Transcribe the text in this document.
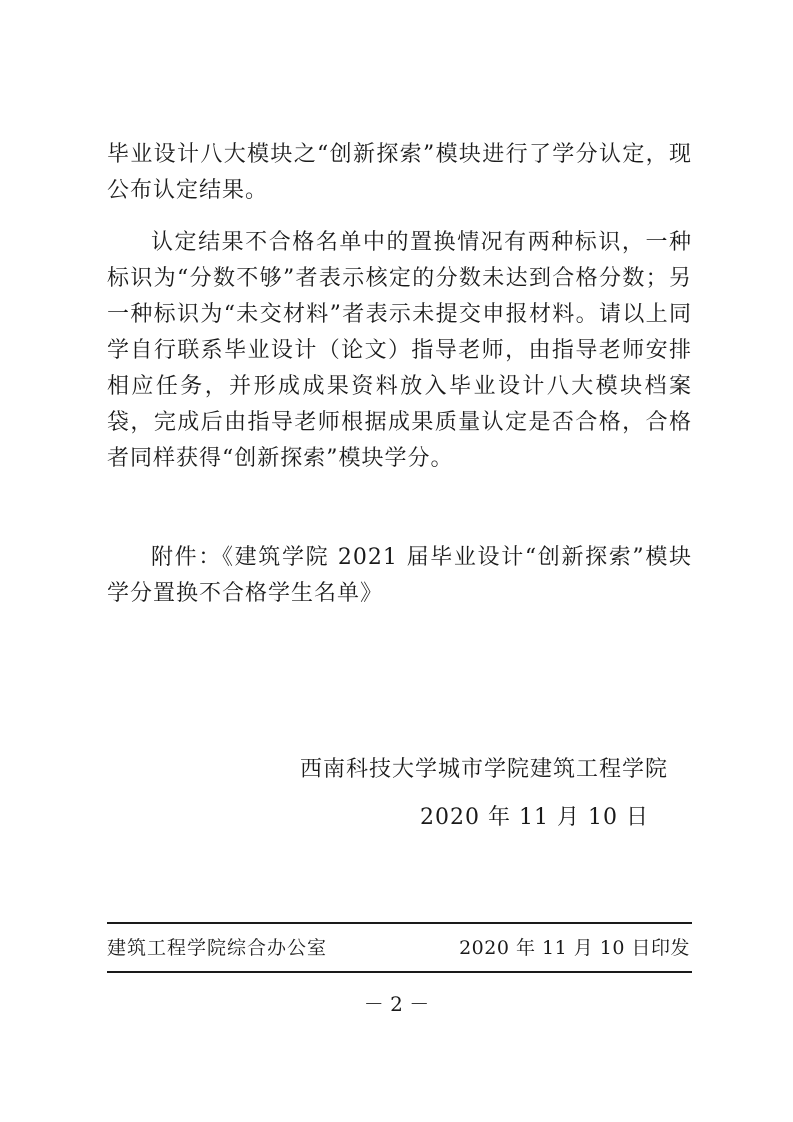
毕业设计八大模块之“创新探索”模块进行了学分认定，现公布认定结果。

认定结果不合格名单中的置换情况有两种标识，一种标识为“分数不够”者表示核定的分数未达到合格分数；另一种标识为“未交材料”者表示未提交申报材料。请以上同学自行联系毕业设计（论文）指导老师，由指导老师安排相应任务，并形成成果资料放入毕业设计八大模块档案袋，完成后由指导老师根据成果质量认定是否合格，合格者同样获得“创新探索”模块学分。

附件：《建筑学院 2021 届毕业设计“创新探索”模块学分置换不合格学生名单》

西南科技大学城市学院建筑工程学院

2020 年 11 月 10 日

建筑工程学院综合办公室	2020 年 11 月 10 日印发
－ 2 －
